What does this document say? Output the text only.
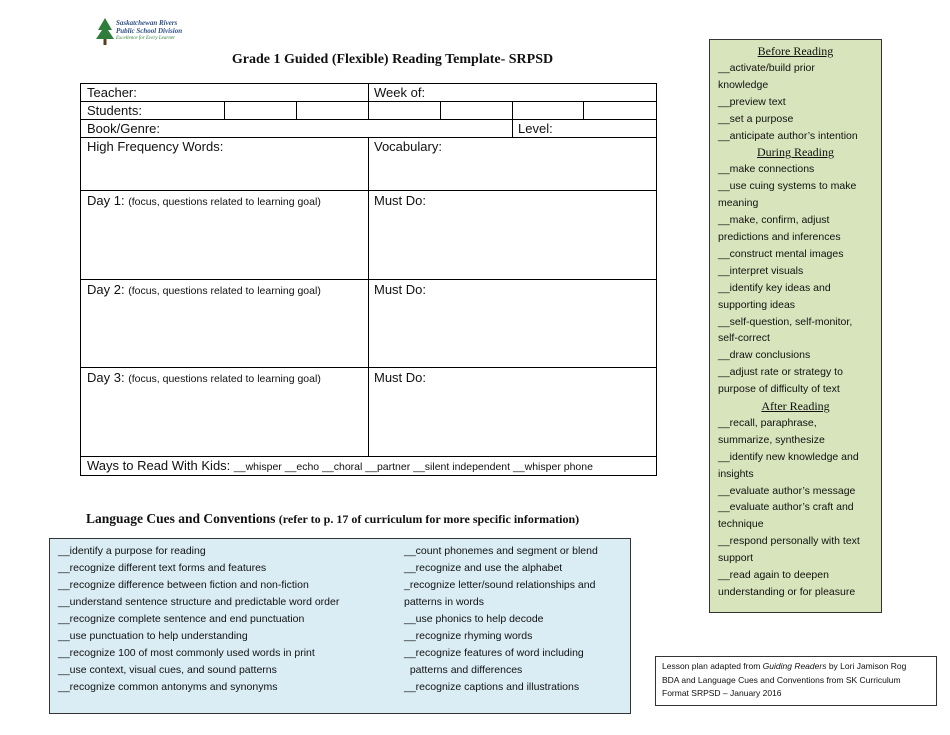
Saskatchewan Rivers
Public School Division
Excellence for Every Learner
Grade 1 Guided (Flexible) Reading Template- SRPSD
Teacher:	Week of:
Students:
Book/Genre:	Level:
High Frequency Words:	Vocabulary:
Day 1: (focus, questions related to learning goal)	Must Do:
Day 2: (focus, questions related to learning goal)	Must Do:
Day 3: (focus, questions related to learning goal)	Must Do:
Ways to Read With Kids: __whisper __echo __choral __partner __silent independent __whisper phone
Language Cues and Conventions (refer to p. 17 of curriculum for more specific information)
__identify a purpose for reading
__recognize different text forms and features
__recognize difference between fiction and non-fiction
__understand sentence structure and predictable word order
__recognize complete sentence and end punctuation
__use punctuation to help understanding
__recognize 100 of most commonly used words in print
__use context, visual cues, and sound patterns
__recognize common antonyms and synonyms
__count phonemes and segment or blend
__recognize and use the alphabet
_recognize letter/sound relationships and
patterns in words
__use phonics to help decode
__recognize rhyming words
__recognize features of word including
patterns and differences
__recognize captions and illustrations
Before Reading
__activate/build prior
knowledge
__preview text
__set a purpose
__anticipate author’s intention
During Reading
__make connections
__use cuing systems to make
meaning
__make, confirm, adjust
predictions and inferences
__construct mental images
__interpret visuals
__identify key ideas and
supporting ideas
__self-question, self-monitor,
self-correct
__draw conclusions
__adjust rate or strategy to
purpose of difficulty of text
After Reading
__recall, paraphrase,
summarize, synthesize
__identify new knowledge and
insights
__evaluate author’s message
__evaluate author’s craft and
technique
__respond personally with text
support
__read again to deepen
understanding or for pleasure
Lesson plan adapted from Guiding Readers by Lori Jamison Rog
BDA and Language Cues and Conventions from SK Curriculum
Format SRPSD – January 2016
